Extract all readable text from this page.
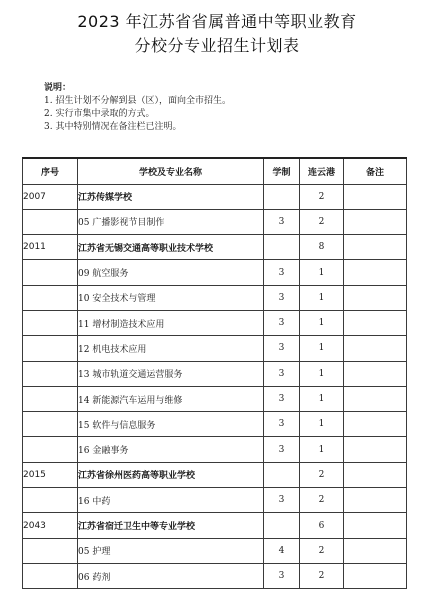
2023 年江苏省省属普通中等职业教育
分校分专业招生计划表
说明：
1. 招生计划不分解到县（区），面向全市招生。
2. 实行市集中录取的方式。
3. 其中特别情况在备注栏已注明。
序号	学校及专业名称	学制	连云港	备注
2007	江苏传媒学校		2	
	05 广播影视节目制作	3	2	
2011	江苏省无锡交通高等职业技术学校		8	
	09 航空服务	3	1	
	10 安全技术与管理	3	1	
	11 增材制造技术应用	3	1	
	12 机电技术应用	3	1	
	13 城市轨道交通运营服务	3	1	
	14 新能源汽车运用与维修	3	1	
	15 软件与信息服务	3	1	
	16 金融事务	3	1	
2015	江苏省徐州医药高等职业学校		2	
	16 中药	3	2	
2043	江苏省宿迁卫生中等专业学校		6	
	05 护理	4	2	
	06 药剂	3	2	
